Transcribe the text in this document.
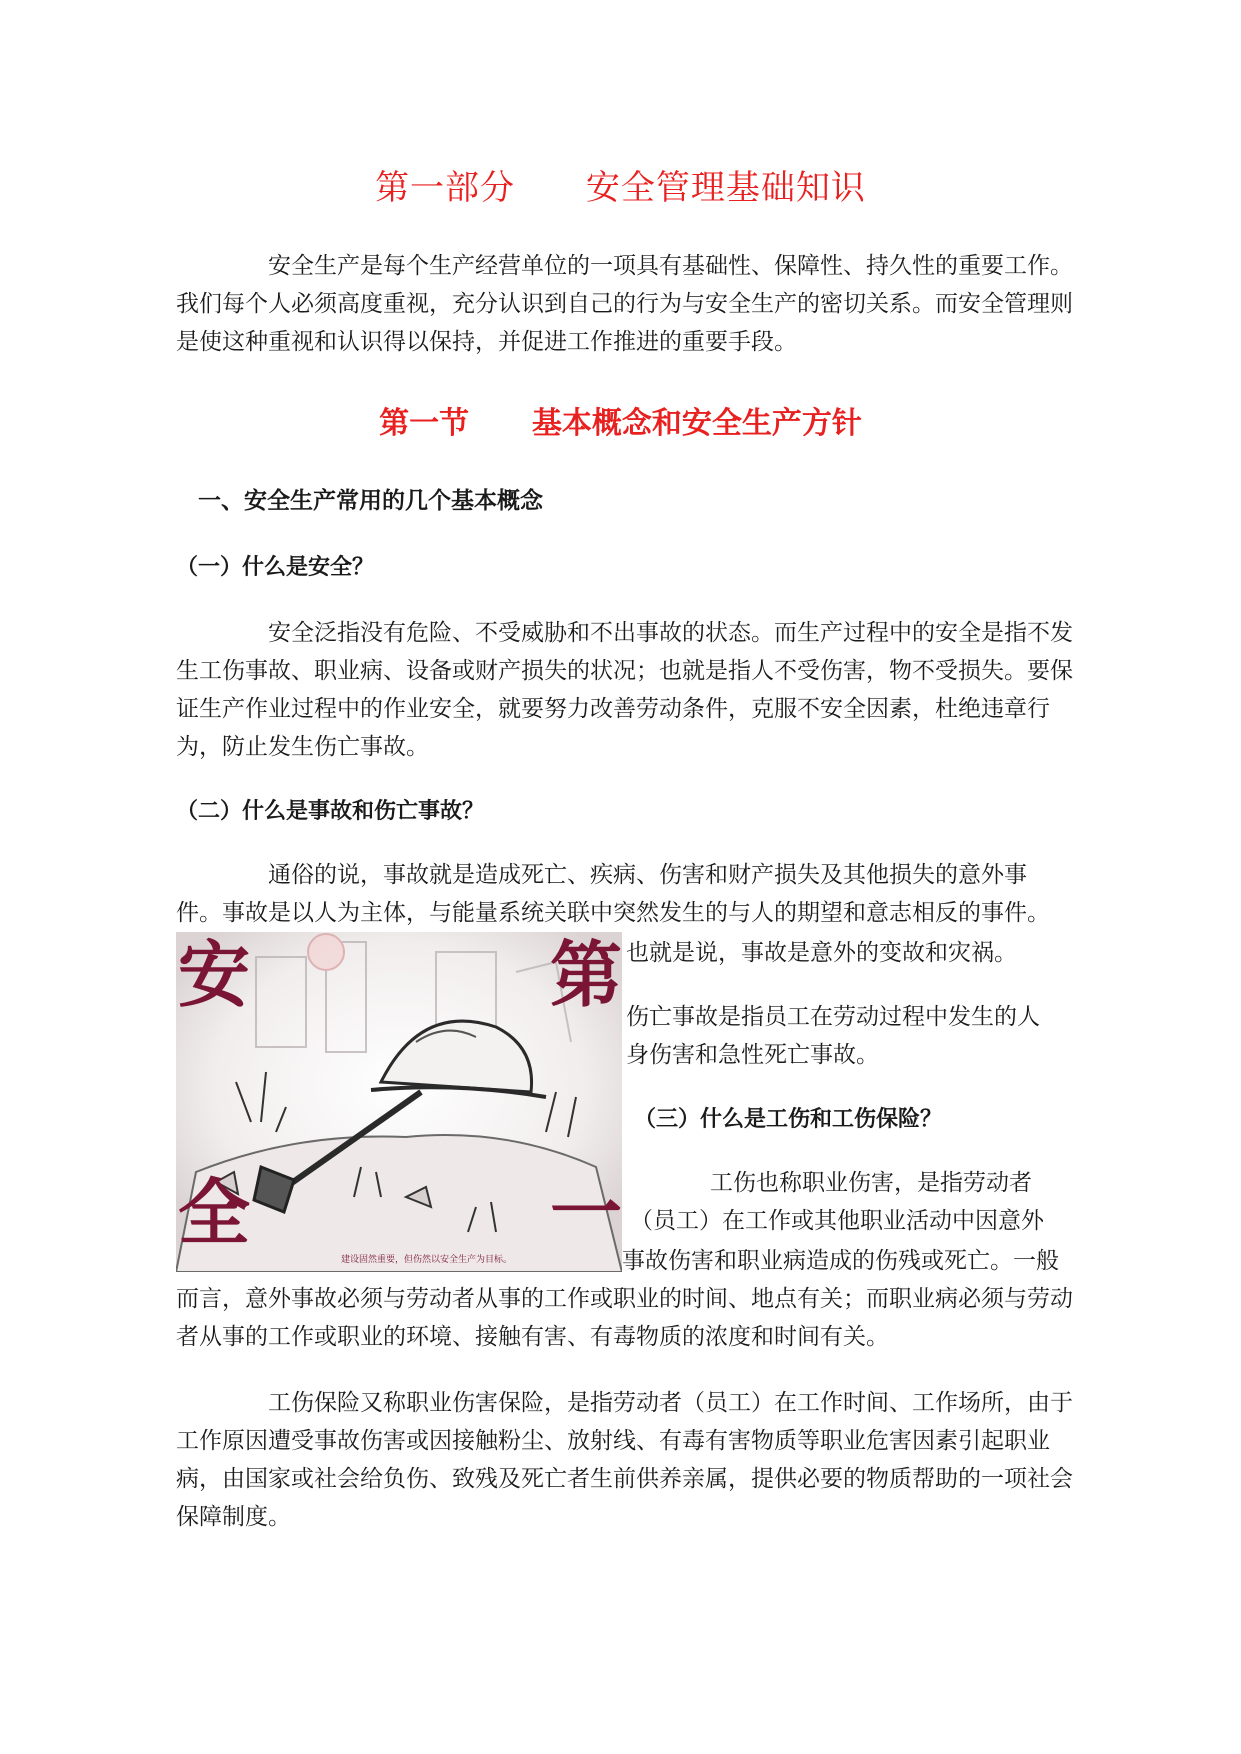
第一部分      安全管理基础知识

安全生产是每个生产经营单位的一项具有基础性、保障性、持久性的重要工作。我们每个人必须高度重视，充分认识到自己的行为与安全生产的密切关系。而安全管理则是使这种重视和认识得以保持，并促进工作推进的重要手段。

第一节      基本概念和安全生产方针
一、安全生产常用的几个基本概念
（一）什么是安全？

安全泛指没有危险、不受威胁和不出事故的状态。而生产过程中的安全是指不发生工伤事故、职业病、设备或财产损失的状况；也就是指人不受伤害，物不受损失。要保证生产作业过程中的作业安全，就要努力改善劳动条件，克服不安全因素，杜绝违章行为，防止发生伤亡事故。

（二）什么是事故和伤亡事故？

通俗的说，事故就是造成死亡、疾病、伤害和财产损失及其他损失的意外事

件。事故是以人为主体，与能量系统关联中突然发生的与人的期望和意志相反的事件。

也就是说，事故是意外的变故和灾祸。

伤亡事故是指员工在劳动过程中发生的人

身伤害和急性死亡事故。

安
全
第
一
建设固然重要，但伤然以安全生产为目标。
（三）什么是工伤和工伤保险？

工伤也称职业伤害，是指劳动者

（员工）在工作或其他职业活动中因意外

事故伤害和职业病造成的伤残或死亡。一般

而言，意外事故必须与劳动者从事的工作或职业的时间、地点有关；而职业病必须与劳动者从事的工作或职业的环境、接触有害、有毒物质的浓度和时间有关。

工伤保险又称职业伤害保险，是指劳动者（员工）在工作时间、工作场所，由于工作原因遭受事故伤害或因接触粉尘、放射线、有毒有害物质等职业危害因素引起职业病，由国家或社会给负伤、致残及死亡者生前供养亲属，提供必要的物质帮助的一项社会保障制度。
